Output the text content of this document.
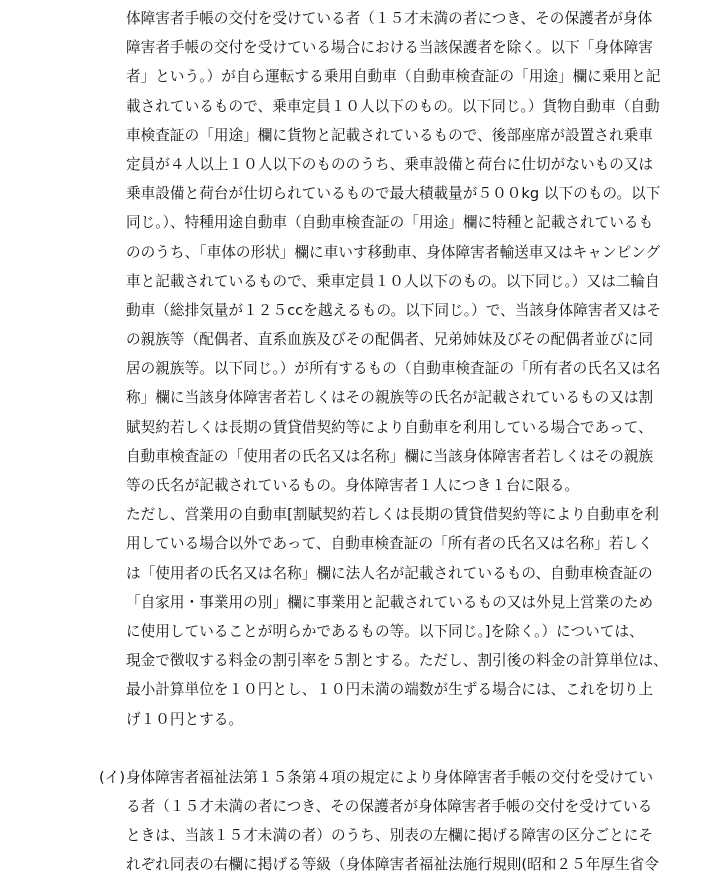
体障害者手帳の交付を受けている者（１５才未満の者につき、その保護者が身体
障害者手帳の交付を受けている場合における当該保護者を除く。以下「身体障害
者」という。）が自ら運転する乗用自動車（自動車検査証の「用途」欄に乗用と記
載されているもので、乗車定員１０人以下のもの。以下同じ。）貨物自動車（自動
車検査証の「用途」欄に貨物と記載されているもので、後部座席が設置され乗車
定員が４人以上１０人以下のもののうち、乗車設備と荷台に仕切がないもの又は
乗車設備と荷台が仕切られているもので最大積載量が５００kg 以下のもの。以下
同じ。）、特種用途自動車（自動車検査証の「用途」欄に特種と記載されているも
ののうち、「車体の形状」欄に車いす移動車、身体障害者輸送車又はキャンピング
車と記載されているもので、乗車定員１０人以下のもの。以下同じ。）又は二輪自
動車（総排気量が１２５ccを越えるもの。以下同じ。）で、当該身体障害者又はそ
の親族等（配偶者、直系血族及びその配偶者、兄弟姉妹及びその配偶者並びに同
居の親族等。以下同じ。）が所有するもの（自動車検査証の「所有者の氏名又は名
称」欄に当該身体障害者若しくはその親族等の氏名が記載されているもの又は割
賦契約若しくは長期の賃貸借契約等により自動車を利用している場合であって、
自動車検査証の「使用者の氏名又は名称」欄に当該身体障害者若しくはその親族
等の氏名が記載されているもの。身体障害者１人につき１台に限る。
ただし、営業用の自動車[割賦契約若しくは長期の賃貸借契約等により自動車を利
用している場合以外であって、自動車検査証の「所有者の氏名又は名称」若しく
は「使用者の氏名又は名称」欄に法人名が記載されているもの、自動車検査証の
「自家用・事業用の別」欄に事業用と記載されているもの又は外見上営業のため
に使用していることが明らかであるもの等。以下同じ。]を除く。）については、
現金で徴収する料金の割引率を５割とする。ただし、割引後の料金の計算単位は、
最小計算単位を１０円とし、１０円未満の端数が生ずる場合には、これを切り上
げ１０円とする。
(イ)身体障害者福祉法第１５条第４項の規定により身体障害者手帳の交付を受けてい
る者（１５才未満の者につき、その保護者が身体障害者手帳の交付を受けている
ときは、当該１５才未満の者）のうち、別表の左欄に掲げる障害の区分ごとにそ
れぞれ同表の右欄に掲げる等級（身体障害者福祉法施行規則(昭和２５年厚生省令
